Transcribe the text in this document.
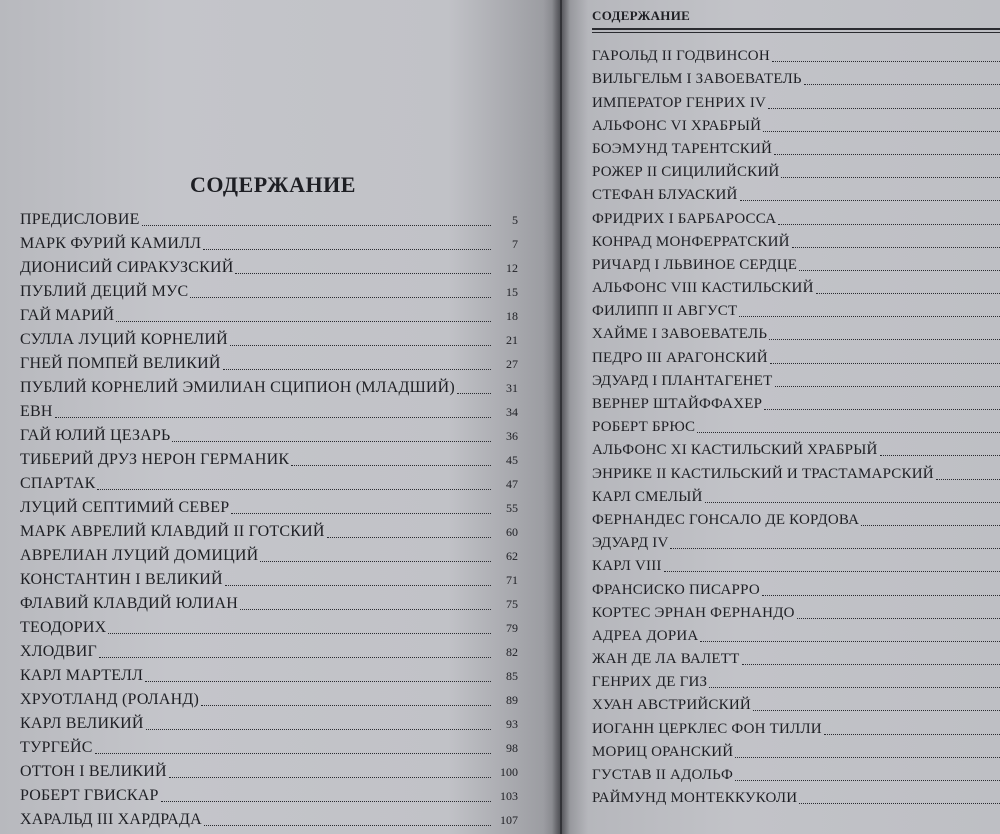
СОДЕРЖАНИЕ
ПРЕДИСЛОВИЕ	5
МАРК ФУРИЙ КАМИЛЛ	7
ДИОНИСИЙ СИРАКУЗСКИЙ	12
ПУБЛИЙ ДЕЦИЙ МУС	15
ГАЙ МАРИЙ	18
СУЛЛА ЛУЦИЙ КОРНЕЛИЙ	21
ГНЕЙ ПОМПЕЙ ВЕЛИКИЙ	27
ПУБЛИЙ КОРНЕЛИЙ ЭМИЛИАН СЦИПИОН (МЛАДШИЙ)	31
ЕВН	34
ГАЙ ЮЛИЙ ЦЕЗАРЬ	36
ТИБЕРИЙ ДРУЗ НЕРОН ГЕРМАНИК	45
СПАРТАК	47
ЛУЦИЙ СЕПТИМИЙ СЕВЕР	55
МАРК АВРЕЛИЙ КЛАВДИЙ II ГОТСКИЙ	60
АВРЕЛИАН ЛУЦИЙ ДОМИЦИЙ	62
КОНСТАНТИН I ВЕЛИКИЙ	71
ФЛАВИЙ КЛАВДИЙ ЮЛИАН	75
ТЕОДОРИХ	79
ХЛОДВИГ	82
КАРЛ МАРТЕЛЛ	85
ХРУОТЛАНД (РОЛАНД)	89
КАРЛ ВЕЛИКИЙ	93
ТУРГЕЙС	98
ОТТОН I ВЕЛИКИЙ	100
РОБЕРТ ГВИСКАР	103
ХАРАЛЬД III ХАРДРАДА	107
СОДЕРЖАНИЕ
ГАРОЛЬД II ГОДВИНСОН
ВИЛЬГЕЛЬМ I ЗАВОЕВАТЕЛЬ
ИМПЕРАТОР ГЕНРИХ IV
АЛЬФОНС VI ХРАБРЫЙ
БОЭМУНД ТАРЕНТСКИЙ
РОЖЕР II СИЦИЛИЙСКИЙ
СТЕФАН БЛУАСКИЙ
ФРИДРИХ I БАРБАРОССА
КОНРАД МОНФЕРРАТСКИЙ
РИЧАРД I ЛЬВИНОЕ СЕРДЦЕ
АЛЬФОНС VIII КАСТИЛЬСКИЙ
ФИЛИПП II АВГУСТ
ХАЙМЕ I ЗАВОЕВАТЕЛЬ
ПЕДРО III АРАГОНСКИЙ
ЭДУАРД I ПЛАНТАГЕНЕТ
ВЕРНЕР ШТАЙФФАХЕР
РОБЕРТ БРЮС
АЛЬФОНС XI КАСТИЛЬСКИЙ ХРАБРЫЙ
ЭНРИКЕ II КАСТИЛЬСКИЙ И ТРАСТАМАРСКИЙ
КАРЛ СМЕЛЫЙ
ФЕРНАНДЕС ГОНСАЛО ДЕ КОРДОВА
ЭДУАРД IV
КАРЛ VIII
ФРАНСИСКО ПИСАРРО
КОРТЕС ЭРНАН ФЕРНАНДО
АДРЕА ДОРИА
ЖАН ДЕ ЛА ВАЛЕТТ
ГЕНРИХ ДЕ ГИЗ
ХУАН АВСТРИЙСКИЙ
ИОГАНН ЦЕРКЛЕС ФОН ТИЛЛИ
МОРИЦ ОРАНСКИЙ
ГУСТАВ II АДОЛЬФ
РАЙМУНД МОНТЕККУКОЛИ
